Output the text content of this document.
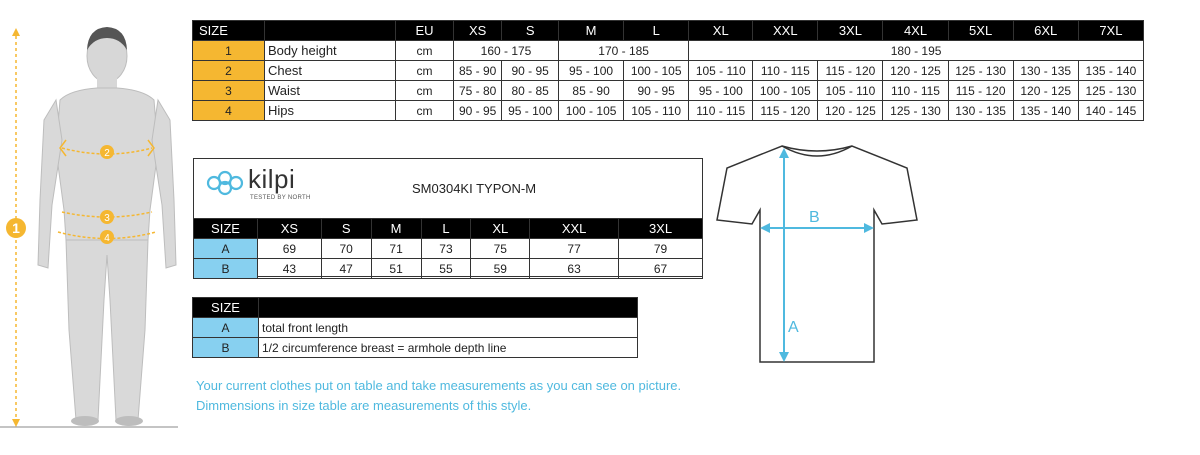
1
2
3
4
SIZE		EU	XS	S	M	L	XL	XXL	3XL	4XL	5XL	6XL	7XL
1	Body height	cm	160 - 175		170 - 185		180 - 195						
2	Chest	cm	85 - 90	90 - 95	95 - 100	100 - 105	105 - 110	110 - 115	115 - 120	120 - 125	125 - 130	130 - 135	135 - 140
3	Waist	cm	75 - 80	80 - 85	85 - 90	90 - 95	95 - 100	100 - 105	105 - 110	110 - 115	115 - 120	120 - 125	125 - 130
4	Hips	cm	90 - 95	95 - 100	100 - 105	105 - 110	110 - 115	115 - 120	120 - 125	125 - 130	130 - 135	135 - 140	140 - 145
kilpi
TESTED BY NORTH
SM0304KI TYPON-M
SIZE	XS	S	M	L	XL	XXL	3XL
A	69	70	71	73	75	77	79
B	43	47	51	55	59	63	67
SIZE	
A	total front length
B	1/2 circumference breast = armhole depth line
Your current clothes put on table and take measurements as you can see on picture.
Dimmensions in size table are measurements of this style.
A
B
